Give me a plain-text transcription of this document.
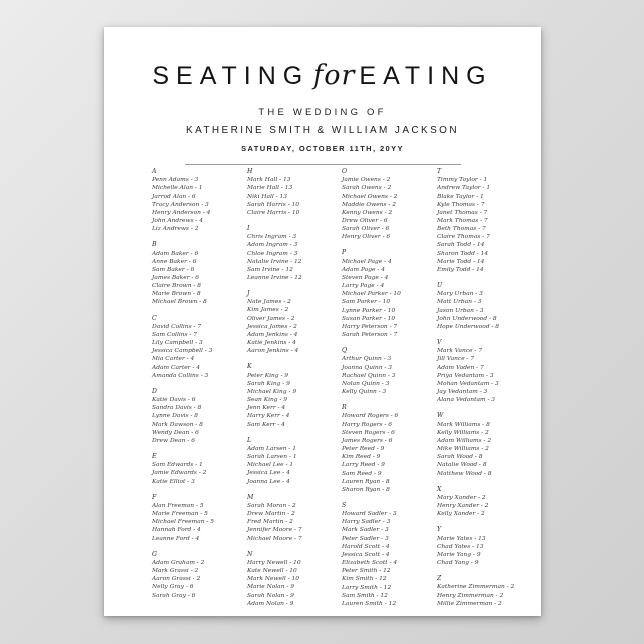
SEATING for EATING
THE WEDDING OF
KATHERINE SMITH & WILLIAM JACKSON
SATURDAY, OCTOBER 11TH, 20YY
A
Penn Adams - 3
Michelle Alan - 1
Jarrod Alan - 6
Tracy Anderson - 3
Henry Anderson - 4
John Andrews - 4
Liz Andrews - 2
B
Adam Baker - 6
Anne Baker - 6
Sam Baker - 6
James Baker - 6
Claire Brown - 8
Marie Brown - 8
Michael Brown - 8
C
David Collins - 7
Sam Collins - 7
Lily Campbell - 3
Jessica Campbell - 3
Mia Carter - 4
Adam Carter - 4
Amanda Collins - 3
D
Katie Davis - 6
Sandra Davis - 8
Lynne Davis - 8
Mark Dawson - 8
Wendy Dean - 6
Drew Dean - 6
E
Sam Edwards - 1
Jamie Edwards - 2
Katie Elliot - 3
F
Alan Freeman - 5
Marie Freeman - 5
Michael Freeman - 5
Hannah Ford - 4
Leanne Ford - 4
G
Adam Graham - 2
Mark Grassi - 2
Aaron Grassi - 2
Nelly Gray - 6
Sarah Gray - 6
H
Mark Hall - 13
Marie Hall - 13
Niki Hall - 13
Sarah Harris - 10
Claire Harris - 10
I
Chris Ingram - 3
Adam Ingram - 3
Chloe Ingram - 3
Natalie Irvine - 12
Sam Irvine - 12
Leanne Irvine - 12
J
Nate James - 2
Kim James - 2
Oliver James - 2
Jessica James - 2
Adam Jenkins - 4
Katie Jenkins - 4
Aaron Jenkins - 4
K
Peter King - 9
Sarah King - 9
Michael King - 9
Sean King - 9
Jenn Kerr - 4
Harry Kerr - 4
Sam Kerr - 4
L
Adam Larsen - 1
Sarah Larsen - 1
Michael Lee - 1
Jessica Lee - 4
Joanna Lee - 4
M
Sarah Moran - 2
Drew Martin - 2
Fred Martin - 2
Jennifer Moore - 7
Michael Moore - 7
N
Harry Newell - 10
Kate Newell - 10
Mark Newell - 10
Marie Nolan - 9
Sarah Nolan - 9
Adam Nolan - 9
O
Jamie Owens - 2
Sarah Owens - 2
Michael Owens - 2
Maddie Owens - 2
Kenny Owens - 2
Drew Oliver - 6
Sarah Oliver - 6
Henry Oliver - 6
P
Michael Page - 4
Adam Page - 4
Steven Page - 4
Larry Page - 4
Michael Parker - 10
Sam Parker - 10
Lynne Parker - 10
Susan Parker - 10
Harry Peterson - 7
Sarah Peterson - 7
Q
Arthur Quinn - 3
Joanna Quinn - 3
Rachael Quinn - 3
Nolan Quinn - 3
Kelly Quinn - 3
R
Howard Rogers - 6
Harry Rogers - 6
Steven Rogers - 6
James Rogers - 6
Peter Reed - 9
Kim Reed - 9
Larry Reed - 9
Sam Reed - 9
Lauren Ryan - 8
Sharon Ryan - 8
S
Howard Sadler - 3
Harry Sadler - 3
Mark Sadler - 3
Peter Sadler - 3
Harold Scott - 4
Jessica Scott - 4
Elizabeth Scott - 4
Peter Smith - 12
Kim Smith - 12
Larry Smith - 12
Sam Smith - 12
Lauren Smith - 12
T
Timmy Taylor - 1
Andrew Taylor - 1
Blake Taylor - 1
Kyle Thomas - 7
Janet Thomas - 7
Mark Thomas - 7
Beth Thomas - 7
Claire Thomas - 7
Sarah Todd - 14
Sharon Todd - 14
Marie Todd - 14
Emily Todd - 14
U
Mary Urban - 3
Matt Urban - 3
Jason Urban - 3
John Underwood - 8
Hope Underwood - 8
V
Mark Vance - 7
Jill Vance - 7
Adam Vaden - 7
Priya Vedantam - 3
Mohan Vedantam - 3
Jay Vedantam - 3
Alana Vedantam - 3
W
Mark Williams - 8
Kelly Williams - 2
Adam Williams - 2
Mike Williams - 2
Sarah Wood - 8
Natalie Wood - 8
Matthew Wood - 8
X
Mary Xander - 2
Henry Xander - 2
Kelly Xander - 2
Y
Marie Yates - 13
Chad Yates - 13
Marie Yang - 9
Chad Yang - 9
Z
Katherine Zimmerman - 2
Henry Zimmerman - 2
Millie Zimmerman - 2
